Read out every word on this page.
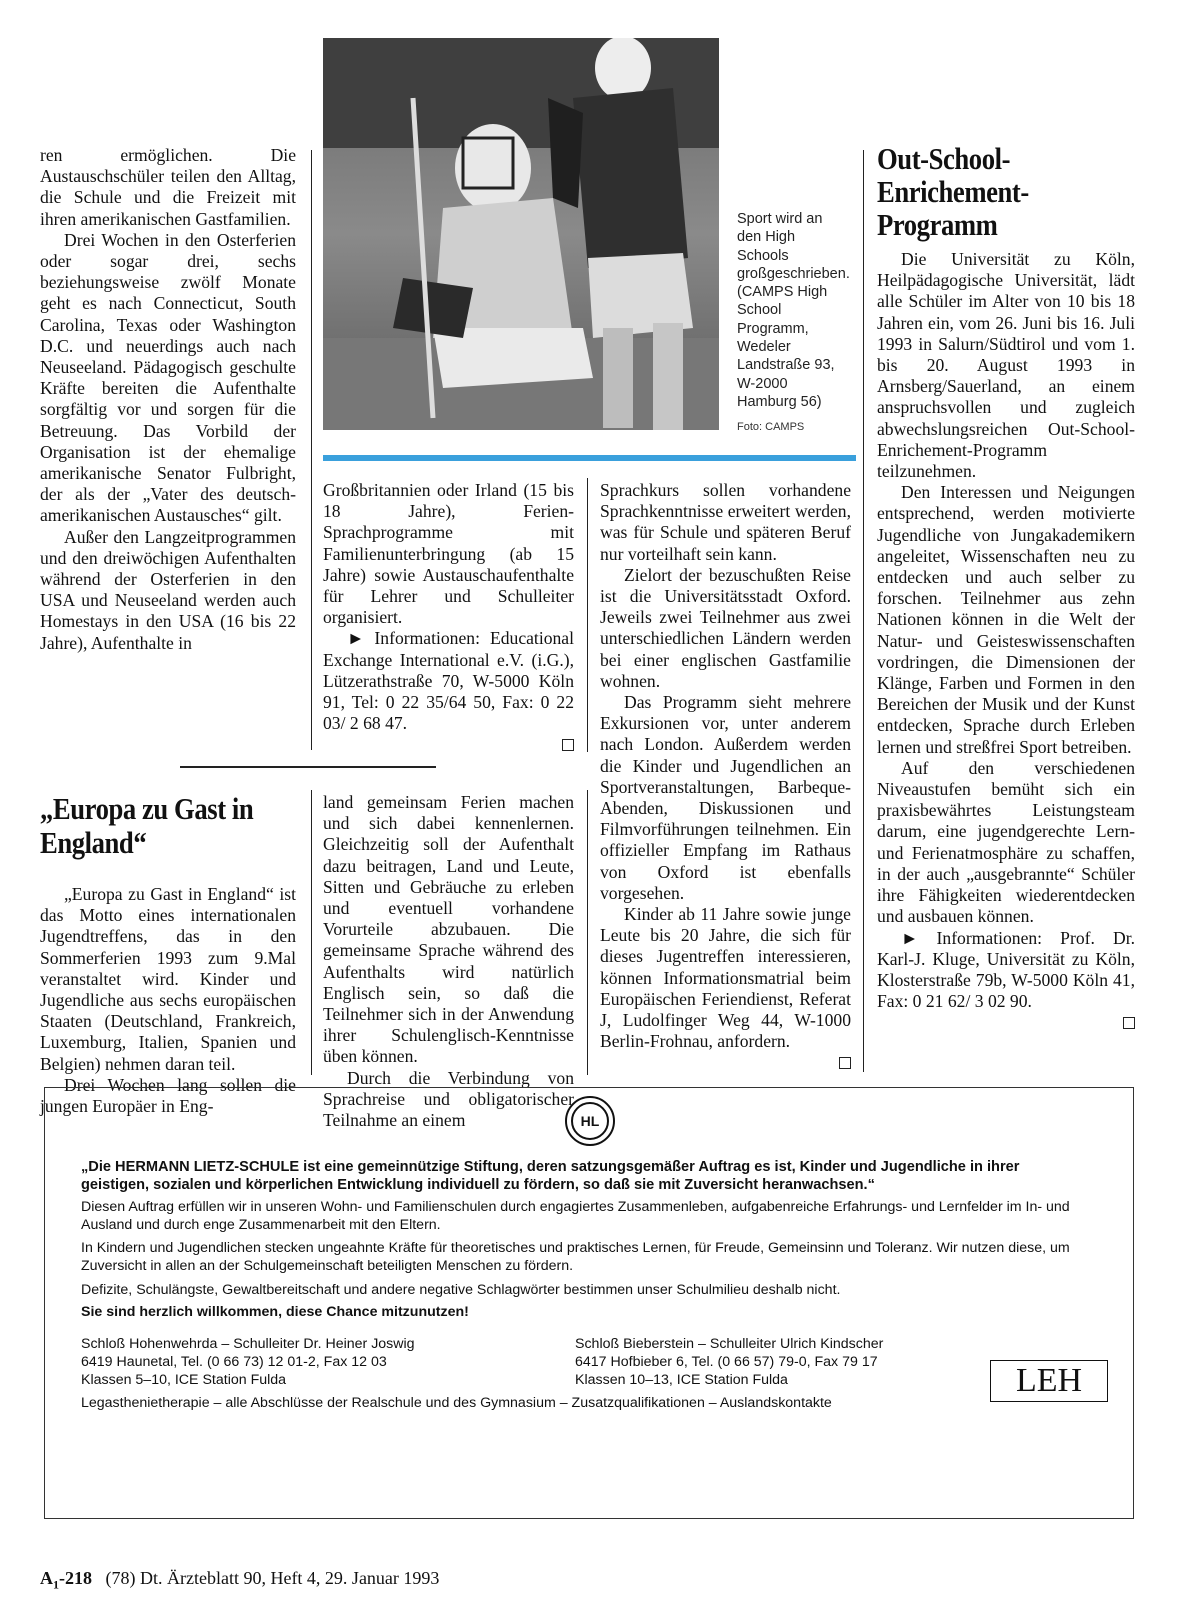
ren ermöglichen. Die Austauschschüler teilen den Alltag, die Schule und die Freizeit mit ihren amerikanischen Gastfamilien.

Drei Wochen in den Osterferien oder sogar drei, sechs beziehungsweise zwölf Monate geht es nach Connecticut, South Carolina, Texas oder Washington D.C. und neuerdings auch nach Neuseeland. Pädagogisch geschulte Kräfte bereiten die Aufenthalte sorgfältig vor und sorgen für die Betreuung. Das Vorbild der Organisation ist der ehemalige amerikanische Senator Fulbright, der als der „Vater des deutsch-amerikanischen Austausches“ gilt.

Außer den Langzeitprogrammen und den dreiwöchigen Aufenthalten während der Osterferien in den USA und Neuseeland werden auch Homestays in den USA (16 bis 22 Jahre), Aufenthalte in

Sport wird an den High Schools großgeschrieben. (CAMPS High School Programm, Wedeler Landstraße 93, W-2000 Hamburg 56)
Foto: CAMPS

Großbritannien oder Irland (15 bis 18 Jahre), Ferien-Sprachprogramme mit Familienunterbringung (ab 15 Jahre) sowie Austauschaufenthalte für Lehrer und Schulleiter organisiert.

► Informationen: Educational Exchange International e.V. (i.G.), Lützerathstraße 70, W-5000 Köln 91, Tel: 0 22 35/64 50, Fax: 0 22 03/ 2 68 47.

Sprachkurs sollen vorhandene Sprachkenntnisse erweitert werden, was für Schule und späteren Beruf nur vorteilhaft sein kann.

Zielort der bezuschußten Reise ist die Universitätsstadt Oxford. Jeweils zwei Teilnehmer aus zwei unterschiedlichen Ländern werden bei einer englischen Gastfamilie wohnen.

Das Programm sieht mehrere Exkursionen vor, unter anderem nach London. Außerdem werden die Kinder und Jugendlichen an Sportveranstaltungen, Barbeque-Abenden, Diskussionen und Filmvorführungen teilnehmen. Ein offizieller Empfang im Rathaus von Oxford ist ebenfalls vorgesehen.

Kinder ab 11 Jahre sowie junge Leute bis 20 Jahre, die sich für dieses Jugentreffen interessieren, können Informationsmatrial beim Europäischen Feriendienst, Referat J, Ludolfinger Weg 44, W-1000 Berlin-Frohnau, anfordern.

„Europa zu Gast in England“

„Europa zu Gast in England“ ist das Motto eines internationalen Jugendtreffens, das in den Sommerferien 1993 zum 9.Mal veranstaltet wird. Kinder und Jugendliche aus sechs europäischen Staaten (Deutschland, Frankreich, Luxemburg, Italien, Spanien und Belgien) nehmen daran teil.

Drei Wochen lang sollen die jungen Europäer in Eng-

land gemeinsam Ferien machen und sich dabei kennenlernen. Gleichzeitig soll der Aufenthalt dazu beitragen, Land und Leute, Sitten und Gebräuche zu erleben und eventuell vorhandene Vorurteile abzubauen. Die gemeinsame Sprache während des Aufenthalts wird natürlich Englisch sein, so daß die Teilnehmer sich in der Anwendung ihrer Schulenglisch-Kenntnisse üben können.

Durch die Verbindung von Sprachreise und obligatorischer Teilnahme an einem

Out-School-Enrichement-Programm

Die Universität zu Köln, Heilpädagogische Universität, lädt alle Schüler im Alter von 10 bis 18 Jahren ein, vom 26. Juni bis 16. Juli 1993 in Salurn/Südtirol und vom 1. bis 20. August 1993 in Arnsberg/Sauerland, an einem anspruchsvollen und zugleich abwechslungsreichen Out-School-Enrichement-Programm teilzunehmen.

Den Interessen und Neigungen entsprechend, werden motivierte Jugendliche von Jungakademikern angeleitet, Wissenschaften neu zu entdecken und auch selber zu forschen. Teilnehmer aus zehn Nationen können in die Welt der Natur- und Geisteswissenschaften vordringen, die Dimensionen der Klänge, Farben und Formen in den Bereichen der Musik und der Kunst entdecken, Sprache durch Erleben lernen und streßfrei Sport betreiben.

Auf den verschiedenen Niveaustufen bemüht sich ein praxisbewährtes Leistungsteam darum, eine jugendgerechte Lern- und Ferienatmosphäre zu schaffen, in der auch „ausgebrannte“ Schüler ihre Fähigkeiten wiederentdecken und ausbauen können.

► Informationen: Prof. Dr. Karl-J. Kluge, Universität zu Köln, Klosterstraße 79b, W-5000 Köln 41, Fax: 0 21 62/ 3 02 90.

HL
„Die HERMANN LIETZ-SCHULE ist eine gemeinnützige Stiftung, deren satzungsgemäßer Auftrag es ist, Kinder und Jugendliche in ihrer geistigen, sozialen und körperlichen Entwicklung individuell zu fördern, so daß sie mit Zuversicht heranwachsen.“
Diesen Auftrag erfüllen wir in unseren Wohn- und Familienschulen durch engagiertes Zusammenleben, aufgabenreiche Erfahrungs- und Lernfelder im In- und Ausland und durch enge Zusammenarbeit mit den Eltern.
In Kindern und Jugendlichen stecken ungeahnte Kräfte für theoretisches und praktisches Lernen, für Freude, Gemeinsinn und Toleranz. Wir nutzen diese, um Zuversicht in allen an der Schulgemeinschaft beteiligten Menschen zu fördern.
Defizite, Schulängste, Gewaltbereitschaft und andere negative Schlagwörter bestimmen unser Schulmilieu deshalb nicht.
Sie sind herzlich willkommen, diese Chance mitzunutzen!
Schloß Hohenwehrda – Schulleiter Dr. Heiner Joswig
6419 Haunetal, Tel. (0 66 73) 12 01-2, Fax 12 03
Klassen 5–10, ICE Station Fulda
Schloß Bieberstein – Schulleiter Ulrich Kindscher
6417 Hofbieber 6, Tel. (0 66 57) 79-0, Fax 79 17
Klassen 10–13, ICE Station Fulda
Legasthenietherapie – alle Abschlüsse der Realschule und des Gymnasium – Zusatzqualifikationen – Auslandskontakte
LEH
$A_1-218$ (78) Dt. Ärzteblatt 90, Heft 4, 29. Januar 1993
